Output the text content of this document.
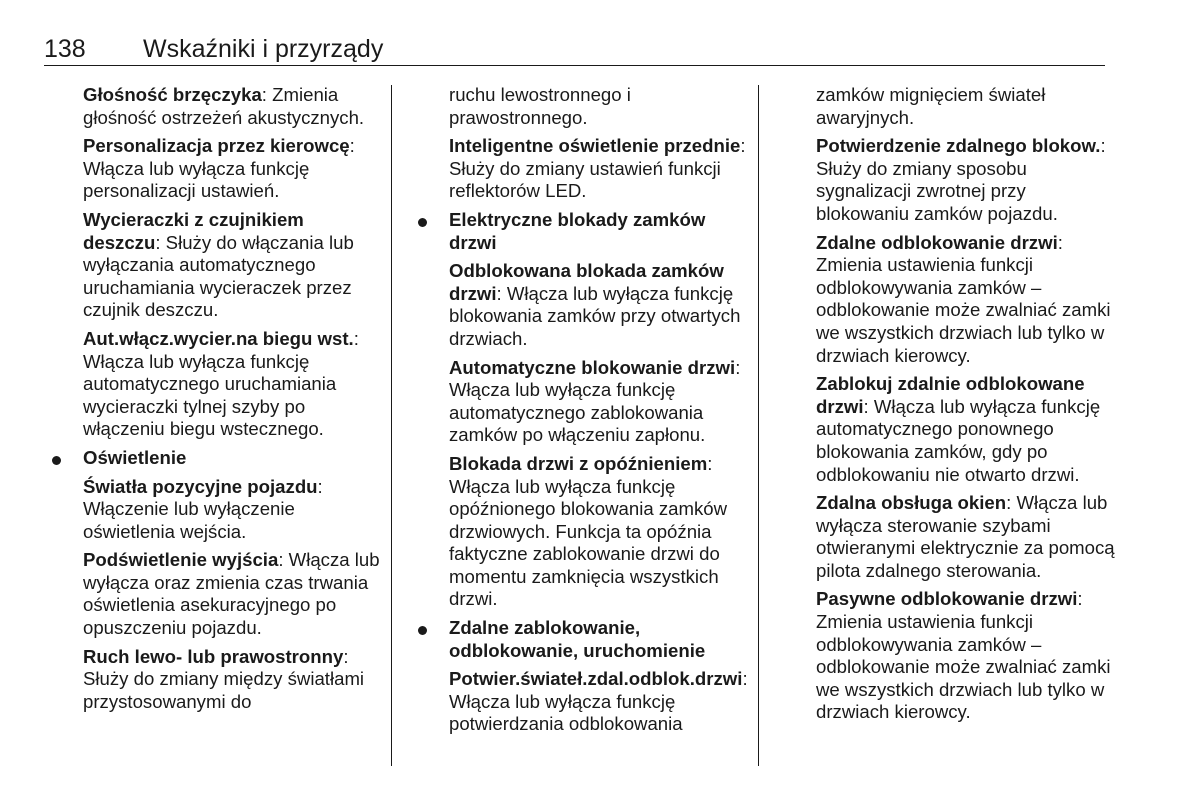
138 Wskaźniki i przyrządy

Głośność brzęczyka: Zmienia głośność ostrzeżeń akustycznych.

Personalizacja przez kierowcę: Włącza lub wyłącza funkcję personalizacji ustawień.

Wycieraczki z czujnikiem deszczu: Służy do włączania lub wyłączania automatycznego uruchamiania wycieraczek przez czujnik deszczu.

Aut.włącz.wycier.na biegu wst.: Włącza lub wyłącza funkcję automatycznego uruchamiania wycieraczki tylnej szyby po włączeniu biegu wstecznego.

Oświetlenie

Światła pozycyjne pojazdu: Włączenie lub wyłączenie oświetlenia wejścia.

Podświetlenie wyjścia: Włącza lub wyłącza oraz zmienia czas trwania oświetlenia asekuracyjnego po opuszczeniu pojazdu.

Ruch lewo- lub prawostronny: Służy do zmiany między światłami przystosowanymi do

ruchu lewostronnego i prawostronnego.

Inteligentne oświetlenie przednie: Służy do zmiany ustawień funkcji reflektorów LED.

Elektryczne blokady zamków drzwi

Odblokowana blokada zamków drzwi: Włącza lub wyłącza funkcję blokowania zamków przy otwartych drzwiach.

Automatyczne blokowanie drzwi: Włącza lub wyłącza funkcję automatycznego zablokowania zamków po włączeniu zapłonu.

Blokada drzwi z opóźnieniem: Włącza lub wyłącza funkcję opóźnionego blokowania zamków drzwiowych. Funkcja ta opóźnia faktyczne zablokowanie drzwi do momentu zamknięcia wszystkich drzwi.

Zdalne zablokowanie, odblokowanie, uruchomienie

Potwier.świateł.zdal.odblok.drzwi: Włącza lub wyłącza funkcję potwierdzania odblokowania

zamków mignięciem świateł awaryjnych.

Potwierdzenie zdalnego blokow.: Służy do zmiany sposobu sygnalizacji zwrotnej przy blokowaniu zamków pojazdu.

Zdalne odblokowanie drzwi: Zmienia ustawienia funkcji odblokowywania zamków – odblokowanie może zwalniać zamki we wszystkich drzwiach lub tylko w drzwiach kierowcy.

Zablokuj zdalnie odblokowane drzwi: Włącza lub wyłącza funkcję automatycznego ponownego blokowania zamków, gdy po odblokowaniu nie otwarto drzwi.

Zdalna obsługa okien: Włącza lub wyłącza sterowanie szybami otwieranymi elektrycznie za pomocą pilota zdalnego sterowania.

Pasywne odblokowanie drzwi: Zmienia ustawienia funkcji odblokowywania zamków – odblokowanie może zwalniać zamki we wszystkich drzwiach lub tylko w drzwiach kierowcy.
